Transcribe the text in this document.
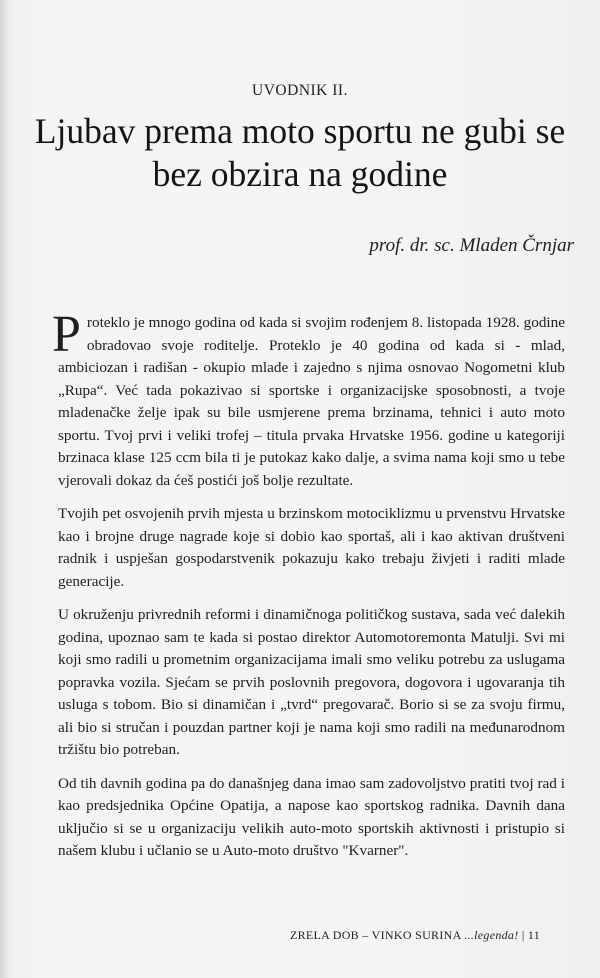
UVODNIK II.
Ljubav prema moto sportu ne gubi se bez obzira na godine
prof. dr. sc. Mladen Črnjar

Proteklo je mnogo godina od kada si svojim rođenjem 8. listopada 1928. godine obradovao svoje roditelje. Proteklo je 40 godina od kada si - mlad, ambiciozan i radišan - okupio mlade i zajedno s njima osnovao Nogometni klub „Rupa“. Već tada pokazivao si sportske i organizacijske sposobnosti, a tvoje mladenačke želje ipak su bile usmjerene prema brzinama, tehnici i auto moto sportu. Tvoj prvi i veliki trofej – titula prvaka Hrvatske 1956. godine u kategoriji brzinaca klase 125 ccm bila ti je putokaz kako dalje, a svima nama koji smo u tebe vjerovali dokaz da ćeš postići još bolje rezultate.

Tvojih pet osvojenih prvih mjesta u brzinskom motociklizmu u prvenstvu Hrvatske kao i brojne druge nagrade koje si dobio kao sportaš, ali i kao aktivan društveni radnik i uspješan gospodarstvenik pokazuju kako trebaju živjeti i raditi mlade generacije.

U okruženju privrednih reformi i dinamičnoga političkog sustava, sada već dalekih godina, upoznao sam te kada si postao direktor Automotoremonta Matulji. Svi mi koji smo radili u prometnim organizacijama imali smo veliku potrebu za uslugama popravka vozila. Sjećam se prvih poslovnih pregovora, dogovora i ugovaranja tih usluga s tobom. Bio si dinamičan i „tvrd“ pregovarač. Borio si se za svoju firmu, ali bio si stručan i pouzdan partner koji je nama koji smo radili na međunarodnom tržištu bio potreban.

Od tih davnih godina pa do današnjeg dana imao sam zadovoljstvo pratiti tvoj rad i kao predsjednika Općine Opatija, a napose kao sportskog radnika. Davnih dana uključio si se u organizaciju velikih auto-moto sportskih aktivnosti i pristupio si našem klubu i učlanio se u Auto-moto društvo "Kvarner".

ZRELA DOB – VINKO SURINA ...legenda! | 11
